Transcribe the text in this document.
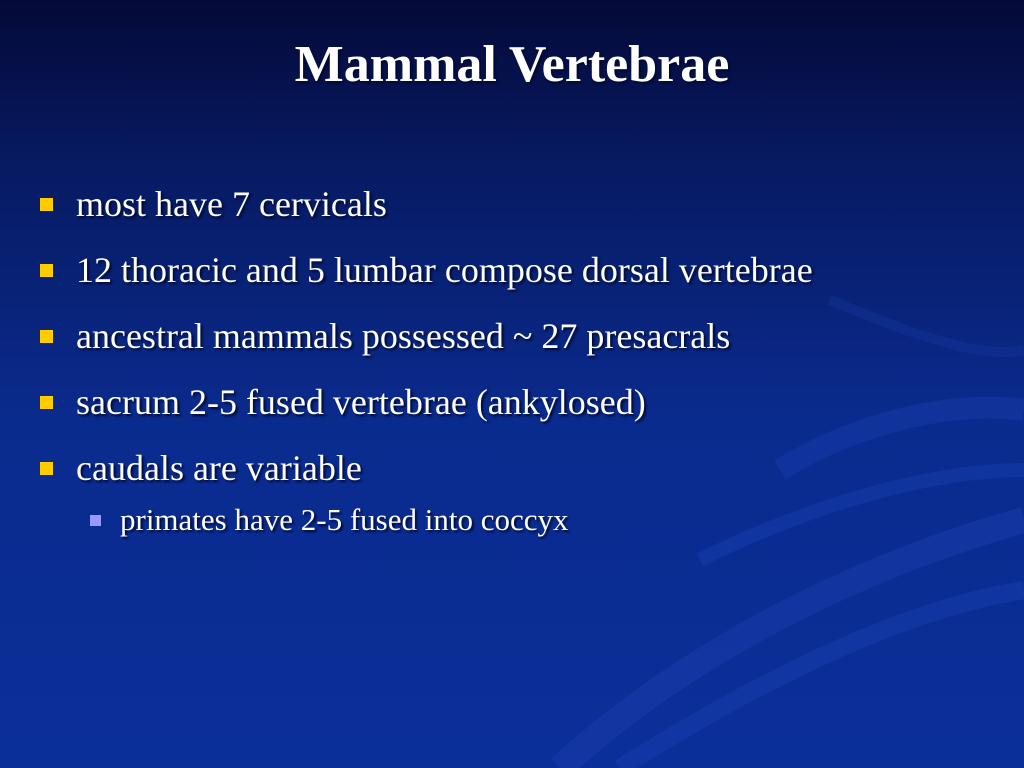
Mammal Vertebrae
most have 7 cervicals
12 thoracic and 5 lumbar compose dorsal vertebrae
ancestral mammals possessed ~ 27 presacrals
sacrum 2-5 fused vertebrae (ankylosed)
caudals are variable
primates have 2-5 fused into coccyx
